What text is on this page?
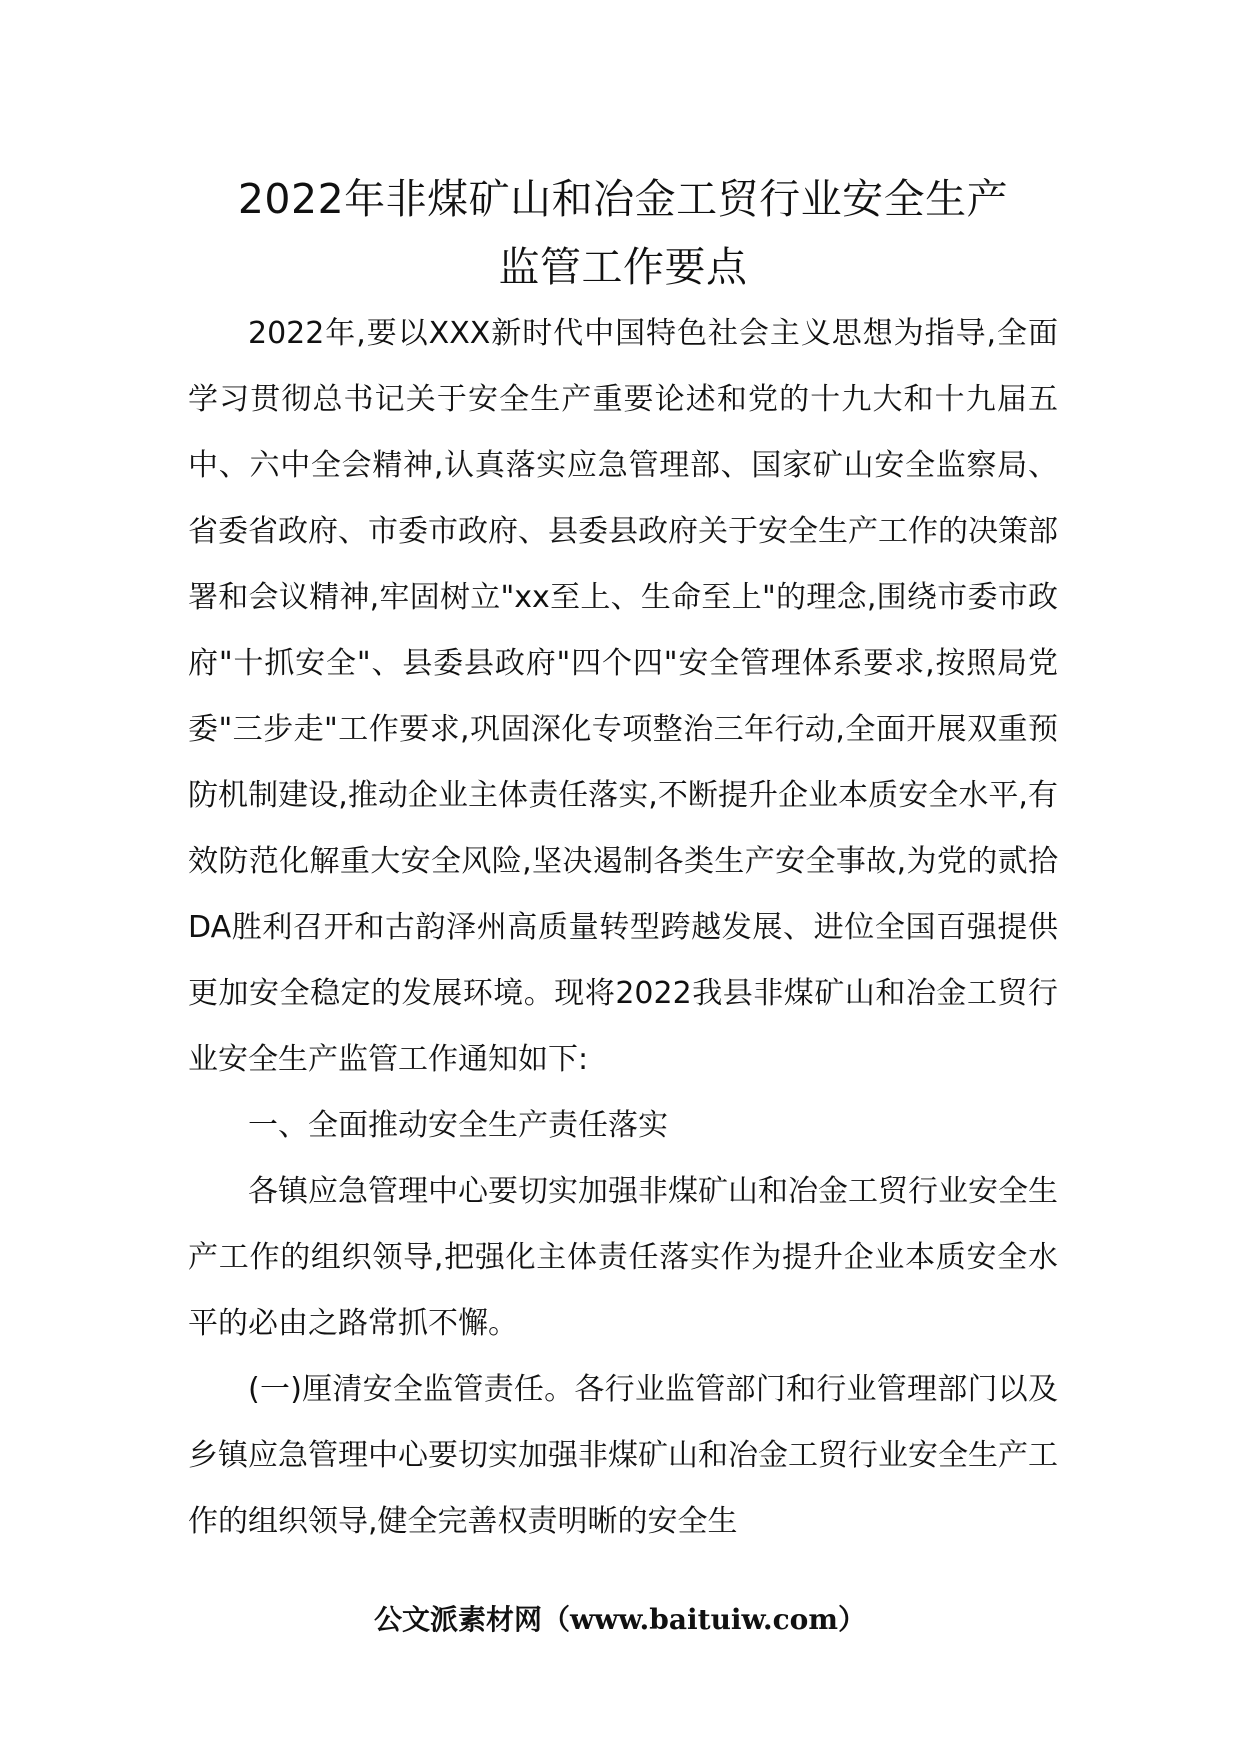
2022年非煤矿山和冶金工贸行业安全生产
监管工作要点

2022年,要以XXX新时代中国特色社会主义思想为指导,全面学习贯彻总书记关于安全生产重要论述和党的十九大和十九届五中、六中全会精神,认真落实应急管理部、国家矿山安全监察局、省委省政府、市委市政府、县委县政府关于安全生产工作的决策部署和会议精神,牢固树立"xx至上、生命至上"的理念,围绕市委市政府"十抓安全"、县委县政府"四个四"安全管理体系要求,按照局党委"三步走"工作要求,巩固深化专项整治三年行动,全面开展双重预防机制建设,推动企业主体责任落实,不断提升企业本质安全水平,有效防范化解重大安全风险,坚决遏制各类生产安全事故,为党的贰拾DA胜利召开和古韵泽州高质量转型跨越发展、进位全国百强提供更加安全稳定的发展环境。现将2022我县非煤矿山和冶金工贸行业安全生产监管工作通知如下:

一、全面推动安全生产责任落实

各镇应急管理中心要切实加强非煤矿山和冶金工贸行业安全生产工作的组织领导,把强化主体责任落实作为提升企业本质安全水平的必由之路常抓不懈。

(一)厘清安全监管责任。各行业监管部门和行业管理部门以及乡镇应急管理中心要切实加强非煤矿山和冶金工贸行业安全生产工作的组织领导,健全完善权责明晰的安全生

公文派素材网（www.baituiw.com）
